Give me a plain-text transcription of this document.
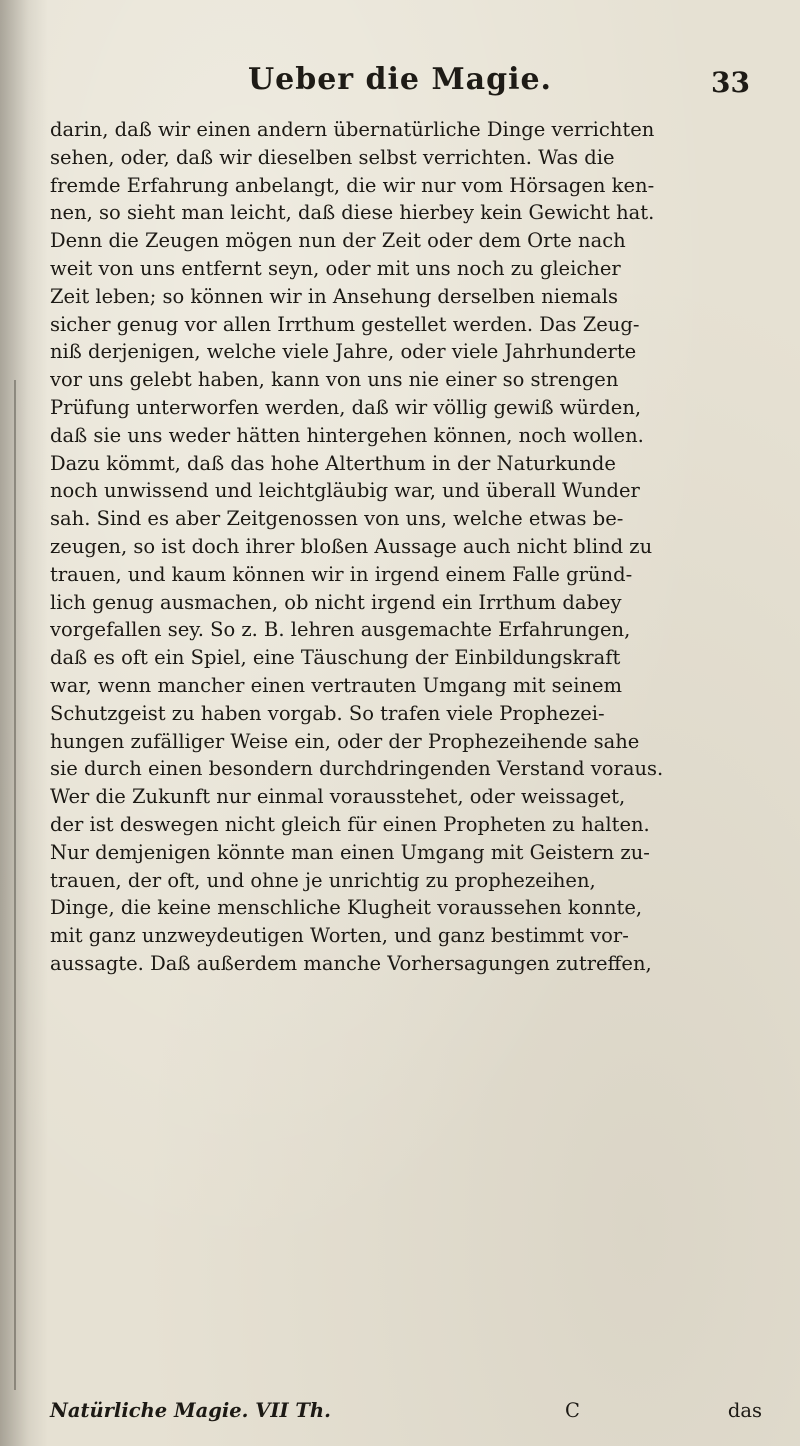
Ueber die Magie.	33
darin, daß wir einen andern übernatürliche Dinge verrichten
sehen, oder, daß wir dieselben selbst verrichten. Was die
fremde Erfahrung anbelangt, die wir nur vom Hörsagen ken-
nen, so sieht man leicht, daß diese hierbey kein Gewicht hat.
Denn die Zeugen mögen nun der Zeit oder dem Orte nach
weit von uns entfernt seyn, oder mit uns noch zu gleicher
Zeit leben; so können wir in Ansehung derselben niemals
sicher genug vor allen Irrthum gestellet werden. Das Zeug-
niß derjenigen, welche viele Jahre, oder viele Jahrhunderte
vor uns gelebt haben, kann von uns nie einer so strengen
Prüfung unterworfen werden, daß wir völlig gewiß würden,
daß sie uns weder hätten hintergehen können, noch wollen.
Dazu kömmt, daß das hohe Alterthum in der Naturkunde
noch unwissend und leichtgläubig war, und überall Wunder
sah. Sind es aber Zeitgenossen von uns, welche etwas be-
zeugen, so ist doch ihrer bloßen Aussage auch nicht blind zu
trauen, und kaum können wir in irgend einem Falle gründ-
lich genug ausmachen, ob nicht irgend ein Irrthum dabey
vorgefallen sey. So z. B. lehren ausgemachte Erfahrungen,
daß es oft ein Spiel, eine Täuschung der Einbildungskraft
war, wenn mancher einen vertrauten Umgang mit seinem
Schutzgeist zu haben vorgab. So trafen viele Prophezei-
hungen zufälliger Weise ein, oder der Prophezeihende sahe
sie durch einen besondern durchdringenden Verstand voraus.
Wer die Zukunft nur einmal vorausstehet, oder weissaget,
der ist deswegen nicht gleich für einen Propheten zu halten.
Nur demjenigen könnte man einen Umgang mit Geistern zu-
trauen, der oft, und ohne je unrichtig zu prophezeihen,
Dinge, die keine menschliche Klugheit voraussehen konnte,
mit ganz unzweydeutigen Worten, und ganz bestimmt vor-
aussagte. Daß außerdem manche Vorhersagungen zutreffen,
Natürliche Magie. VII Th.	C	das
